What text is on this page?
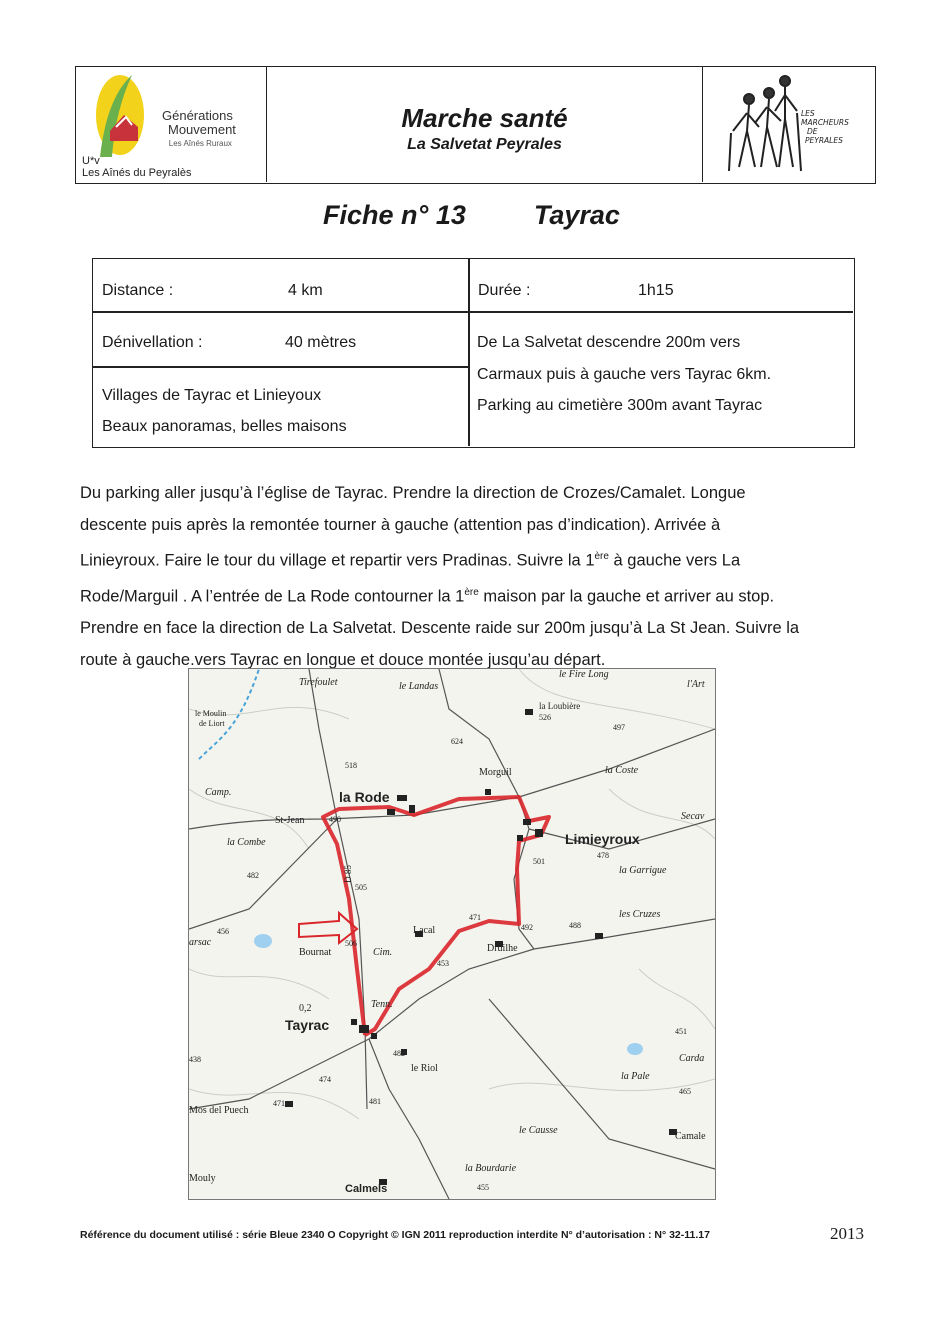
Générations
Mouvement
Les Aînés Ruraux
U*v
Les Aînés du Peyralès
Marche santé
La Salvetat Peyrales
LES
MARCHEURS
DE
PEYRALES
Fiche n° 13	Tayrac
Distance :	4 km	Durée :	1h15
Dénivellation :	40 mètres
Villages de Tayrac et Linieyoux
Beaux panoramas, belles maisons
De La Salvetat descendre 200m vers
Carmaux puis à gauche vers Tayrac 6km.
Parking au cimetière 300m avant Tayrac

Du parking aller jusqu’à l’église de Tayrac. Prendre la direction de Crozes/Camalet. Longue

descente puis après la remontée tourner à gauche (attention pas d’indication). Arrivée à

Linieyroux. Faire le tour du village et repartir vers Pradinas. Suivre la 1ère à gauche vers La

Rode/Marguil . A l’entrée de La Rode contourner la 1ère maison par la gauche et arriver au stop.

Prendre en face la direction de La Salvetat. Descente raide sur 200m jusqu’à La St Jean. Suivre la

route à gauche.vers Tayrac en longue et douce montée jusqu’au départ.

Tirefoulet	le Landas
le Fire Long
l'Art
le Moulin
de Liort
la Loubière
526
624
497
518
Morguil	la Coste
Camp.	la Rode
Secav
St-Jean	490
Limieyroux
la Combe
501
478
D 85
482
505
la Garrigue
471	les Cruzes
456
arsac
Lacal	492	488
Bournat
506
Cim.
453
Druilhe
0,2	Tenn.
Tayrac	451
438
482
le Riol
Carda
474	la Pale
465
Mos del Puech
471	481
le Causse
Camale
la Bourdarie
Mouly
455
Calmels
Référence du document utilisé : série Bleue 2340 O Copyright © IGN 2011 reproduction interdite N° d’autorisation : N° 32-11.17	2013
